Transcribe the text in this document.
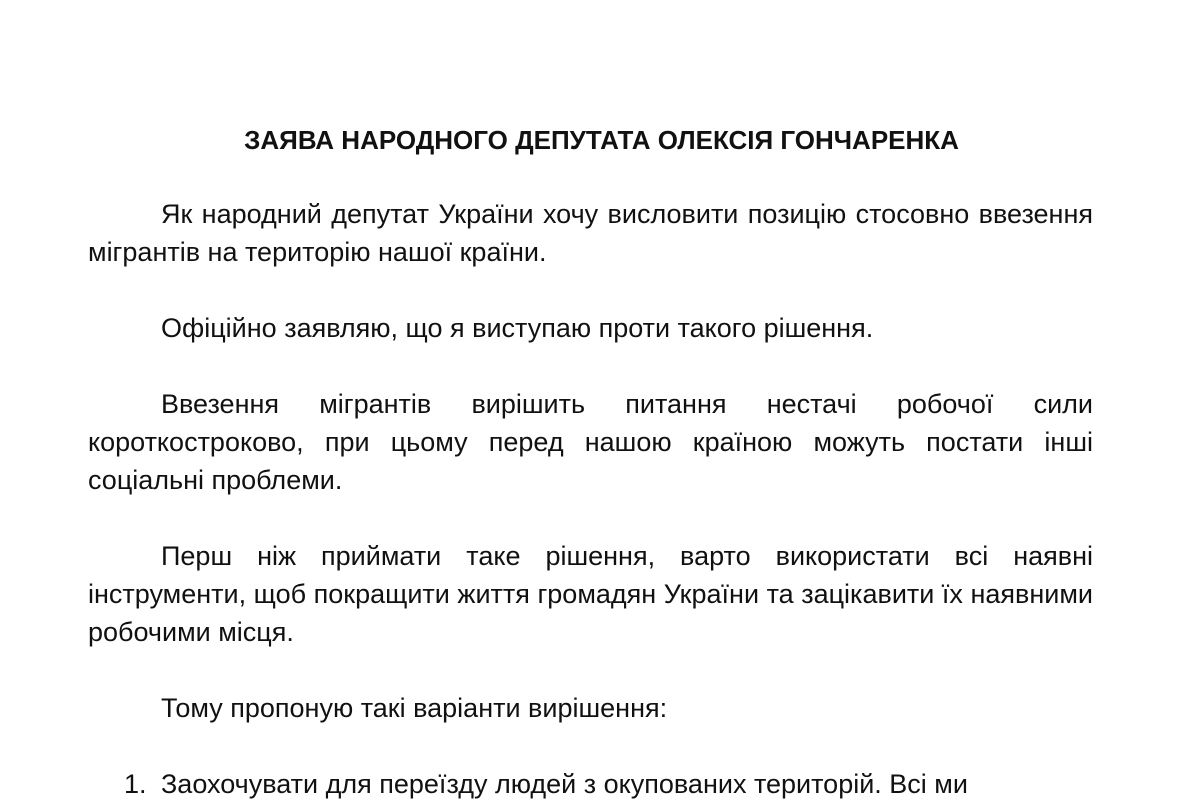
ЗАЯВА НАРОДНОГО ДЕПУТАТА ОЛЕКСІЯ ГОНЧАРЕНКА

Як народний депутат України хочу висловити позицію стосовно ввезення мігрантів на територію нашої країни.

Офіційно заявляю, що я виступаю проти такого рішення.

Ввезення мігрантів вирішить питання нестачі робочої сили короткостроково, при цьому перед нашою країною можуть постати інші соціальні проблеми.

Перш ніж приймати таке рішення, варто використати всі наявні інструменти, щоб покращити життя громадян України та зацікавити їх наявними робочими місця.

Тому пропоную такі варіанти вирішення:

1. Заохочувати для переїзду людей з окупованих територій. Всі ми
